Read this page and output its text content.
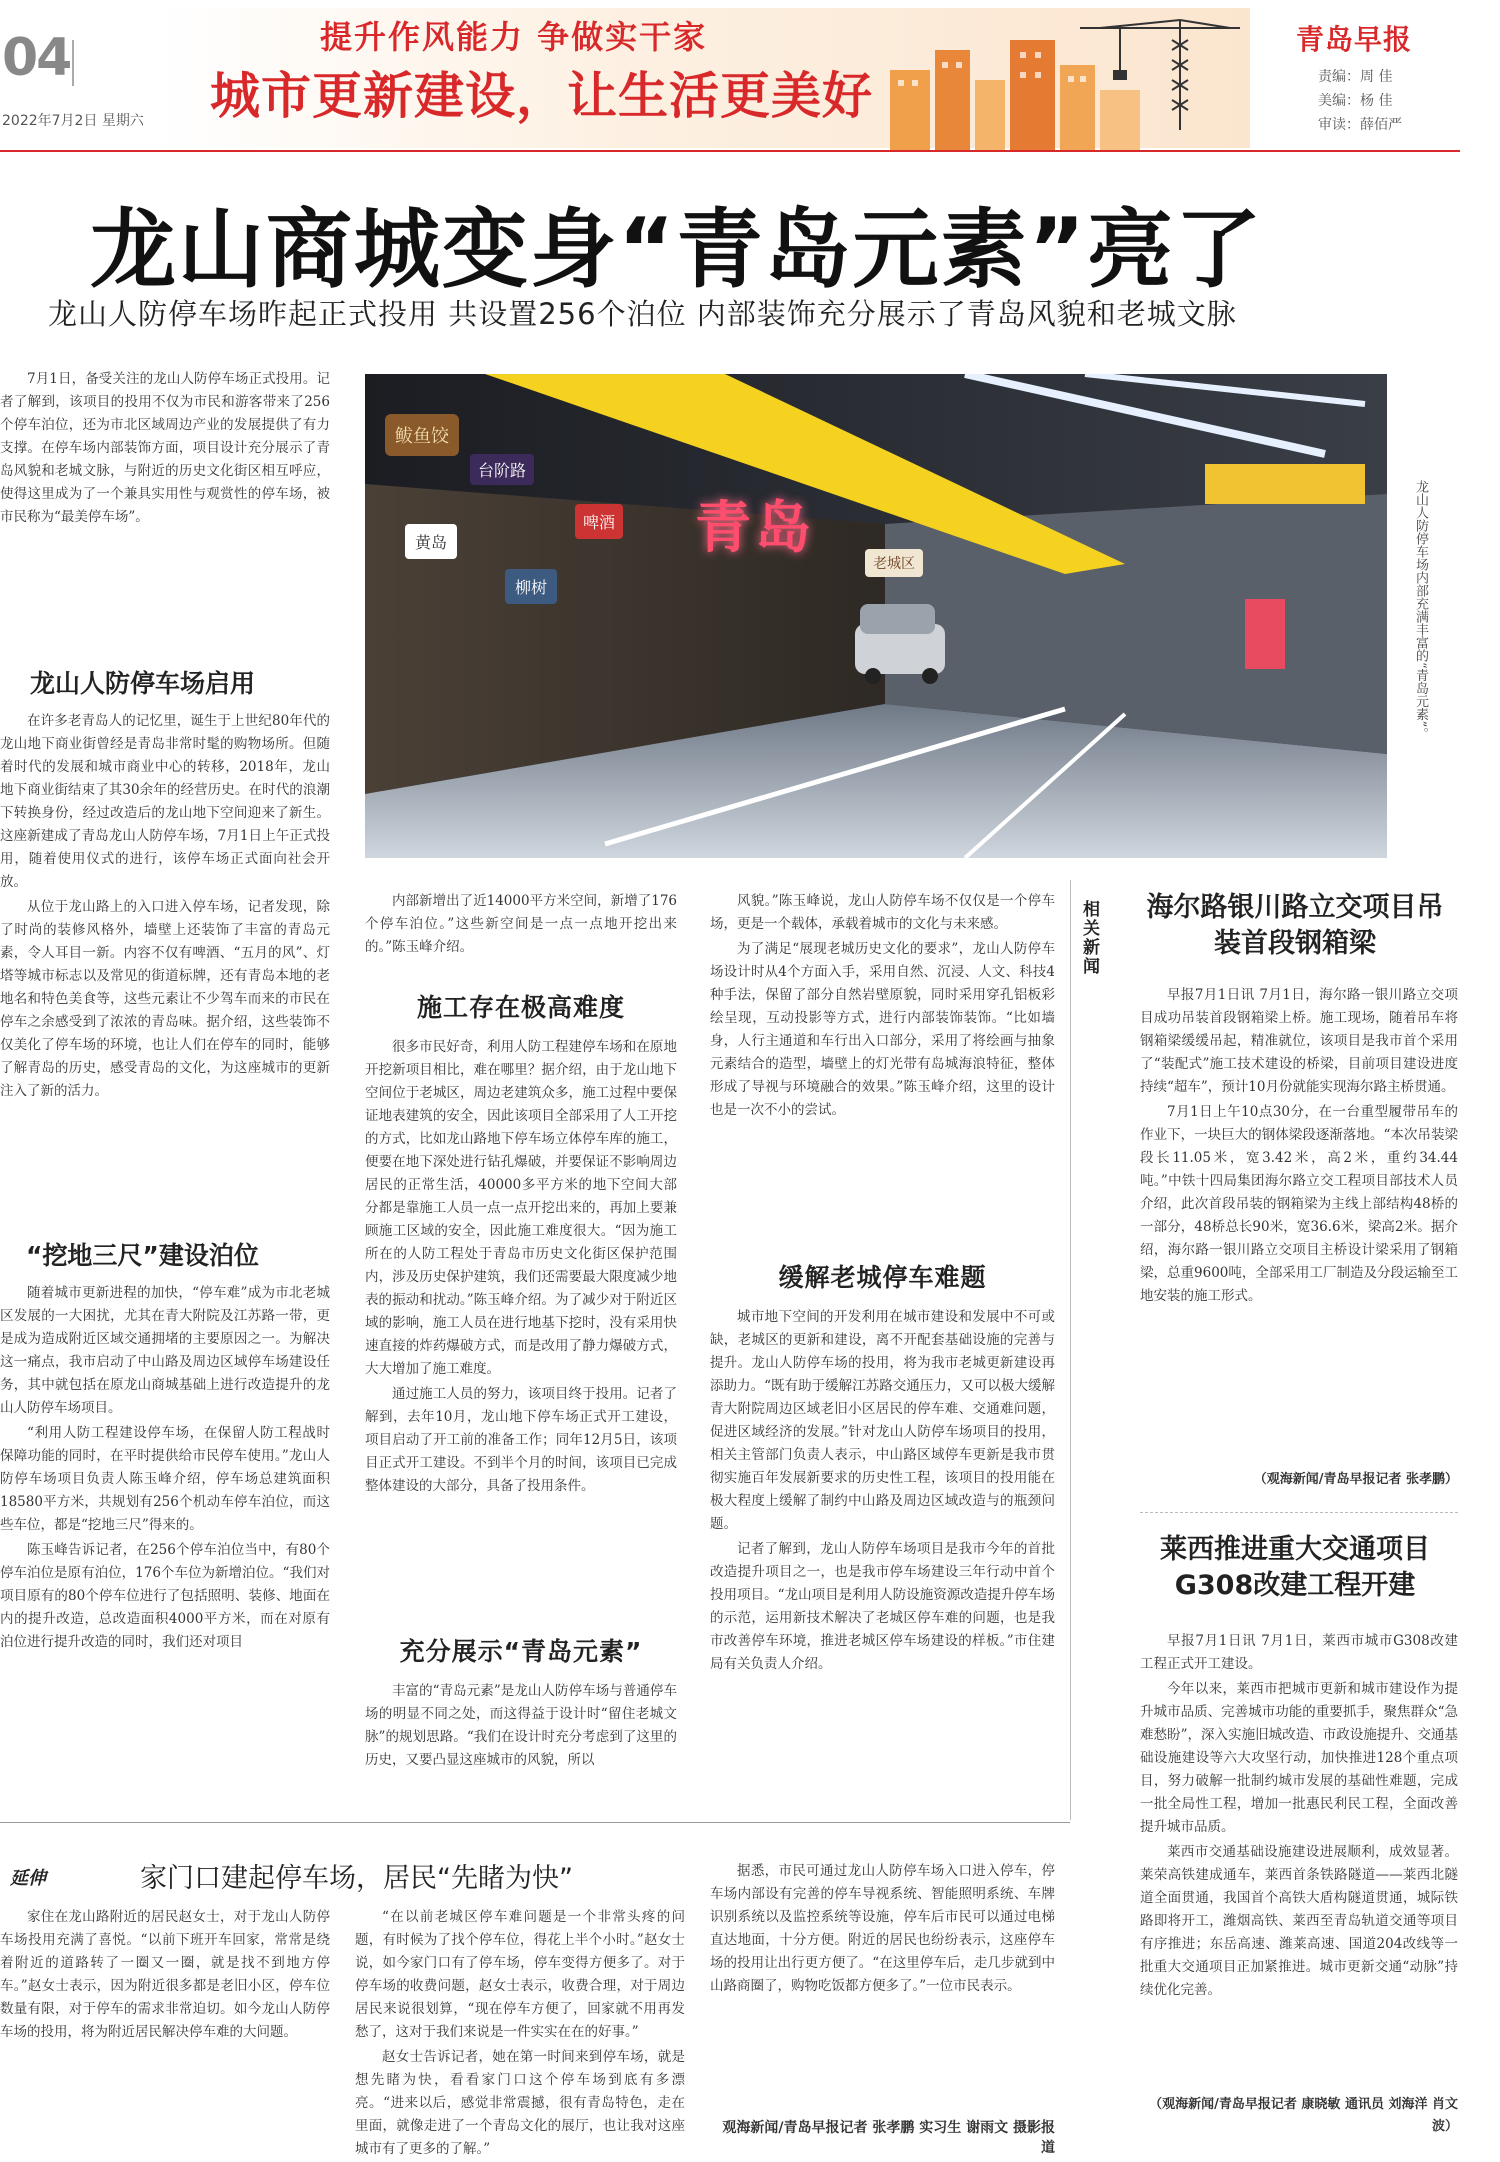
04
2022年7月2日 星期六
提升作风能力 争做实干家
城市更新建设，让生活更美好
青岛早报
责编：周 佳
美编：杨 佳
审读：薛佰严
龙山商城变身“青岛元素”亮了
龙山人防停车场昨起正式投用 共设置256个泊位 内部装饰充分展示了青岛风貌和老城文脉
青岛
台阶路
鲅鱼饺
黄岛
啤酒
柳树
老城区	龙山人防停车场内部充满丰富的“青岛元素”。

7月1日，备受关注的龙山人防停车场正式投用。记者了解到，该项目的投用不仅为市民和游客带来了256个停车泊位，还为市北区域周边产业的发展提供了有力支撑。在停车场内部装饰方面，项目设计充分展示了青岛风貌和老城文脉，与附近的历史文化街区相互呼应，使得这里成为了一个兼具实用性与观赏性的停车场，被市民称为“最美停车场”。

龙山人防停车场启用

在许多老青岛人的记忆里，诞生于上世纪80年代的龙山地下商业街曾经是青岛非常时髦的购物场所。但随着时代的发展和城市商业中心的转移，2018年，龙山地下商业街结束了其30余年的经营历史。在时代的浪潮下转换身份，经过改造后的龙山地下空间迎来了新生。这座新建成了青岛龙山人防停车场，7月1日上午正式投用，随着使用仪式的进行，该停车场正式面向社会开放。

从位于龙山路上的入口进入停车场，记者发现，除了时尚的装修风格外，墙壁上还装饰了丰富的青岛元素，令人耳目一新。内容不仅有啤酒、“五月的风”、灯塔等城市标志以及常见的街道标牌，还有青岛本地的老地名和特色美食等，这些元素让不少驾车而来的市民在停车之余感受到了浓浓的青岛味。据介绍，这些装饰不仅美化了停车场的环境，也让人们在停车的同时，能够了解青岛的历史，感受青岛的文化，为这座城市的更新注入了新的活力。

“挖地三尺”建设泊位

随着城市更新进程的加快，“停车难”成为市北老城区发展的一大困扰，尤其在青大附院及江苏路一带，更是成为造成附近区域交通拥堵的主要原因之一。为解决这一痛点，我市启动了中山路及周边区域停车场建设任务，其中就包括在原龙山商城基础上进行改造提升的龙山人防停车场项目。

“利用人防工程建设停车场，在保留人防工程战时保障功能的同时，在平时提供给市民停车使用。”龙山人防停车场项目负责人陈玉峰介绍，停车场总建筑面积18580平方米，共规划有256个机动车停车泊位，而这些车位，都是“挖地三尺”得来的。

陈玉峰告诉记者，在256个停车泊位当中，有80个停车泊位是原有泊位，176个车位为新增泊位。“我们对项目原有的80个停车位进行了包括照明、装修、地面在内的提升改造，总改造面积4000平方米，而在对原有泊位进行提升改造的同时，我们还对项目

内部新增出了近14000平方米空间，新增了176个停车泊位。”这些新空间是一点一点地开挖出来的。”陈玉峰介绍。

施工存在极高难度

很多市民好奇，利用人防工程建停车场和在原地开挖新项目相比，难在哪里？据介绍，由于龙山地下空间位于老城区，周边老建筑众多，施工过程中要保证地表建筑的安全，因此该项目全部采用了人工开挖的方式，比如龙山路地下停车场立体停车库的施工，便要在地下深处进行钻孔爆破，并要保证不影响周边居民的正常生活，40000多平方米的地下空间大部分都是靠施工人员一点一点开挖出来的，再加上要兼顾施工区域的安全，因此施工难度很大。“因为施工所在的人防工程处于青岛市历史文化街区保护范围内，涉及历史保护建筑，我们还需要最大限度减少地表的振动和扰动。”陈玉峰介绍。为了减少对于附近区域的影响，施工人员在进行地基下挖时，没有采用快速直接的炸药爆破方式，而是改用了静力爆破方式，大大增加了施工难度。

通过施工人员的努力，该项目终于投用。记者了解到，去年10月，龙山地下停车场正式开工建设，项目启动了开工前的准备工作；同年12月5日，该项目正式开工建设。不到半个月的时间，该项目已完成整体建设的大部分，具备了投用条件。

充分展示“青岛元素”

丰富的“青岛元素”是龙山人防停车场与普通停车场的明显不同之处，而这得益于设计时“留住老城文脉”的规划思路。“我们在设计时充分考虑到了这里的历史，又要凸显这座城市的风貌，所以

风貌。”陈玉峰说，龙山人防停车场不仅仅是一个停车场，更是一个载体，承载着城市的文化与未来感。

为了满足“展现老城历史文化的要求”，龙山人防停车场设计时从4个方面入手，采用自然、沉浸、人文、科技4种手法，保留了部分自然岩壁原貌，同时采用穿孔铝板彩绘呈现，互动投影等方式，进行内部装饰装饰。“比如墙身，人行主通道和车行出入口部分，采用了将绘画与抽象元素结合的造型，墙壁上的灯光带有岛城海浪特征，整体形成了导视与环境融合的效果。”陈玉峰介绍，这里的设计也是一次不小的尝试。

缓解老城停车难题

城市地下空间的开发利用在城市建设和发展中不可或缺，老城区的更新和建设，离不开配套基础设施的完善与提升。龙山人防停车场的投用，将为我市老城更新建设再添助力。“既有助于缓解江苏路交通压力，又可以极大缓解青大附院周边区域老旧小区居民的停车难、交通难问题，促进区域经济的发展。”针对龙山人防停车场项目的投用，相关主管部门负责人表示，中山路区域停车更新是我市贯彻实施百年发展新要求的历史性工程，该项目的投用能在极大程度上缓解了制约中山路及周边区域改造与的瓶颈问题。

记者了解到，龙山人防停车场项目是我市今年的首批改造提升项目之一，也是我市停车场建设三年行动中首个投用项目。“龙山项目是利用人防设施资源改造提升停车场的示范，运用新技术解决了老城区停车难的问题，也是我市改善停车环境，推进老城区停车场建设的样板。”市住建局有关负责人介绍。

相关新闻 海尔路银川路立交项目吊装首段钢箱梁

早报7月1日讯 7月1日，海尔路一银川路立交项目成功吊装首段钢箱梁上桥。施工现场，随着吊车将钢箱梁缓缓吊起，精准就位，该项目是我市首个采用了“装配式”施工技术建设的桥梁，目前项目建设进度持续“超车”，预计10月份就能实现海尔路主桥贯通。

7月1日上午10点30分，在一台重型履带吊车的作业下，一块巨大的钢体梁段逐渐落地。“本次吊装梁段长11.05米，宽3.42米，高2米，重约34.44吨。”中铁十四局集团海尔路立交工程项目部技术人员介绍，此次首段吊装的钢箱梁为主线上部结构48桥的一部分，48桥总长90米，宽36.6米，梁高2米。据介绍，海尔路一银川路立交项目主桥设计梁采用了钢箱梁，总重9600吨，全部采用工厂制造及分段运输至工地安装的施工形式。

（观海新闻/青岛早报记者 张孝鹏）
莱西推进重大交通项目G308改建工程开建

早报7月1日讯 7月1日，莱西市城市G308改建工程正式开工建设。

今年以来，莱西市把城市更新和城市建设作为提升城市品质、完善城市功能的重要抓手，聚焦群众“急难愁盼”，深入实施旧城改造、市政设施提升、交通基础设施建设等六大攻坚行动，加快推进128个重点项目，努力破解一批制约城市发展的基础性难题，完成一批全局性工程，增加一批惠民利民工程，全面改善提升城市品质。

莱西市交通基础设施建设进展顺利，成效显著。莱荣高铁建成通车，莱西首条铁路隧道——莱西北隧道全面贯通，我国首个高铁大盾构隧道贯通，城际铁路即将开工，潍烟高铁、莱西至青岛轨道交通等项目有序推进；东岳高速、潍莱高速、国道204改线等一批重大交通项目正加紧推进。城市更新交通“动脉”持续优化完善。

（观海新闻/青岛早报记者 康晓敏 通讯员 刘海洋 肖文波）
延伸	家门口建起停车场，居民“先睹为快”

家住在龙山路附近的居民赵女士，对于龙山人防停车场投用充满了喜悦。“以前下班开车回家，常常是绕着附近的道路转了一圈又一圈，就是找不到地方停车。”赵女士表示，因为附近很多都是老旧小区，停车位数量有限，对于停车的需求非常迫切。如今龙山人防停车场的投用，将为附近居民解决停车难的大问题。

“在以前老城区停车难问题是一个非常头疼的问题，有时候为了找个停车位，得花上半个小时。”赵女士说，如今家门口有了停车场，停车变得方便多了。对于停车场的收费问题，赵女士表示，收费合理，对于周边居民来说很划算，“现在停车方便了，回家就不用再发愁了，这对于我们来说是一件实实在在的好事。”

赵女士告诉记者，她在第一时间来到停车场，就是想先睹为快，看看家门口这个停车场到底有多漂亮。“进来以后，感觉非常震撼，很有青岛特色，走在里面，就像走进了一个青岛文化的展厅，也让我对这座城市有了更多的了解。”

据悉，市民可通过龙山人防停车场入口进入停车，停车场内部设有完善的停车导视系统、智能照明系统、车牌识别系统以及监控系统等设施，停车后市民可以通过电梯直达地面，十分方便。附近的居民也纷纷表示，这座停车场的投用让出行更方便了。“在这里停车后，走几步就到中山路商圈了，购物吃饭都方便多了。”一位市民表示。

观海新闻/青岛早报记者 张孝鹏 实习生 谢雨文 摄影报道
